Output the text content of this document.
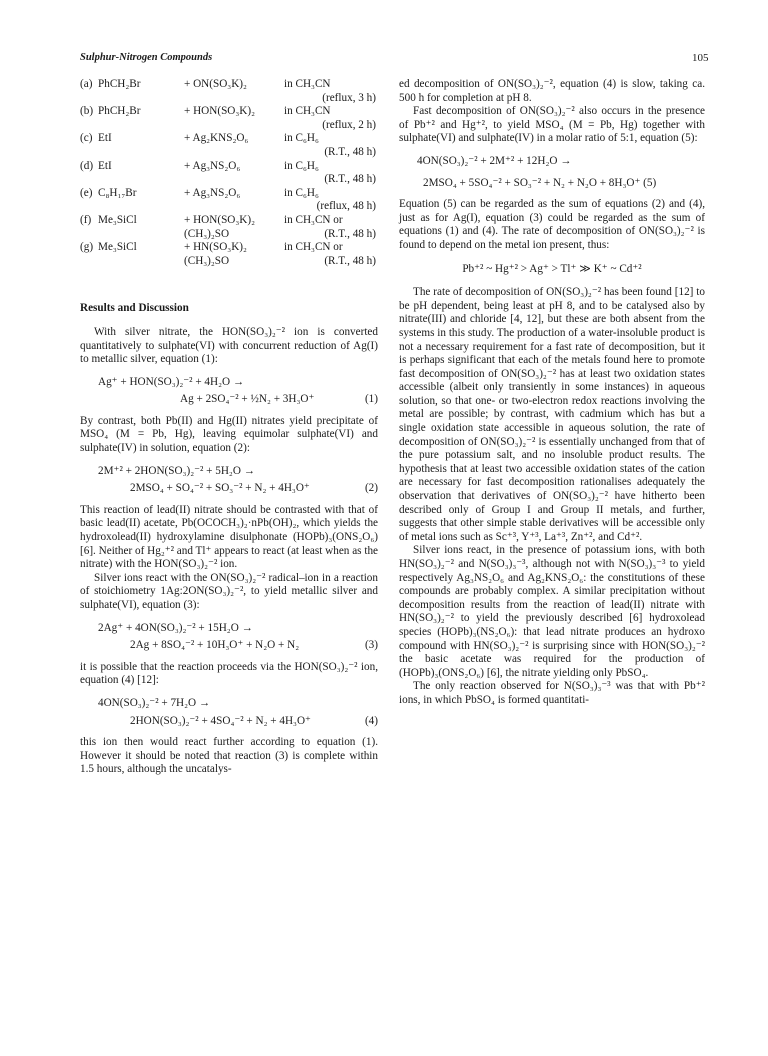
Sulphur-Nitrogen Compounds	105
(a) PhCH₂Br	+ ON(SO₃K)₂	in CH₃CN
(reflux, 3 h)
(b) PhCH₂Br	+ HON(SO₃K)₂	in CH₃CN
(reflux, 2 h)
(c) EtI	+ Ag₂KNS₂O₆	in C₆H₆
(R.T., 48 h)
(d) EtI	+ Ag₃NS₂O₆	in C₆H₆
(R.T., 48 h)
(e) C₈H₁₇Br	+ Ag₃NS₂O₆	in C₆H₆
(reflux, 48 h)
(f) Me₃SiCl	+ HON(SO₃K)₂	in CH₃CN or
(CH₃)₂SO	(R.T., 48 h)
(g) Me₃SiCl	+ HN(SO₃K)₂	in CH₃CN or
(CH₃)₂SO	(R.T., 48 h)
Results and Discussion

With silver nitrate, the HON(SO₃)₂⁻² ion is converted quantitatively to sulphate(VI) with concurrent reduction of Ag(I) to metallic silver, equation (1):

Ag⁺ + HON(SO₃)₂⁻² + 4H₂O →
Ag + 2SO₄⁻² + ½N₂ + 3H₃O⁺	(1)

By contrast, both Pb(II) and Hg(II) nitrates yield precipitate of MSO₄ (M = Pb, Hg), leaving equimolar sulphate(VI) and sulphate(IV) in solution, equation (2):

2M⁺² + 2HON(SO₃)₂⁻² + 5H₂O →
2MSO₄ + SO₄⁻² + SO₃⁻² + N₂ + 4H₃O⁺	(2)

This reaction of lead(II) nitrate should be contrasted with that of basic lead(II) acetate, Pb(OCOCH₃)₂·nPb(OH)₂, which yields the hydroxolead(II) hydroxylamine disulphonate (HOPb)₃(ONS₂O₆) [6]. Neither of Hg₂⁺² and Tl⁺ appears to react (at least when as the nitrate) with the HON(SO₃)₂⁻² ion.

Silver ions react with the ON(SO₃)₂⁻² radical–ion in a reaction of stoichiometry 1Ag:2ON(SO₃)₂⁻², to yield metallic silver and sulphate(VI), equation (3):

2Ag⁺ + 4ON(SO₃)₂⁻² + 15H₂O →
2Ag + 8SO₄⁻² + 10H₃O⁺ + N₂O + N₂	(3)

it is possible that the reaction proceeds via the HON(SO₃)₂⁻² ion, equation (4) [12]:

4ON(SO₃)₂⁻² + 7H₂O →
2HON(SO₃)₂⁻² + 4SO₄⁻² + N₂ + 4H₃O⁺	(4)

this ion then would react further according to equation (1). However it should be noted that reaction (3) is complete within 1.5 hours, although the uncatalys-

ed decomposition of ON(SO₃)₂⁻², equation (4) is slow, taking ca. 500 h for completion at pH 8.

Fast decomposition of ON(SO₃)₂⁻² also occurs in the presence of Pb⁺² and Hg⁺², to yield MSO₄ (M = Pb, Hg) together with sulphate(VI) and sulphate(IV) in a molar ratio of 5:1, equation (5):

4ON(SO₃)₂⁻² + 2M⁺² + 12H₂O →
2MSO₄ + 5SO₄⁻² + SO₃⁻² + N₂ + N₂O + 8H₃O⁺ (5)

Equation (5) can be regarded as the sum of equations (2) and (4), just as for Ag(I), equation (3) could be regarded as the sum of equations (1) and (4). The rate of decomposition of ON(SO₃)₂⁻² is found to depend on the metal ion present, thus:

Pb⁺² ~ Hg⁺² > Ag⁺ > Tl⁺ ≫ K⁺ ~ Cd⁺²

The rate of decomposition of ON(SO₃)₂⁻² has been found [12] to be pH dependent, being least at pH 8, and to be catalysed also by nitrate(III) and chloride [4, 12], but these are both absent from the systems in this study. The production of a water-insoluble product is not a necessary requirement for a fast rate of decomposition, but it is perhaps significant that each of the metals found here to promote fast decomposition of ON(SO₃)₂⁻² has at least two oxidation states accessible (albeit only transiently in some instances) in aqueous solution, so that one- or two-electron redox reactions involving the metal are possible; by contrast, with cadmium which has but a single oxidation state accessible in aqueous solution, the rate of decomposition of ON(SO₃)₂⁻² is essentially unchanged from that of the pure potassium salt, and no insoluble product results. The hypothesis that at least two accessible oxidation states of the cation are necessary for fast decomposition rationalises adequately the observation that derivatives of ON(SO₃)₂⁻² have hitherto been described only of Group I and Group II metals, and further, suggests that other simple stable derivatives will be accessible only of metal ions such as Sc⁺³, Y⁺³, La⁺³, Zn⁺², and Cd⁺².

Silver ions react, in the presence of potassium ions, with both HN(SO₃)₂⁻² and N(SO₃)₃⁻³, although not with N(SO₃)₃⁻³ to yield respectively Ag₃NS₂O₆ and Ag₂KNS₂O₆: the constitutions of these compounds are probably complex. A similar precipitation without decomposition results from the reaction of lead(II) nitrate with HN(SO₃)₂⁻² to yield the previously described [6] hydroxolead species (HOPb)₃(NS₂O₆): that lead nitrate produces an hydroxo compound with HN(SO₃)₂⁻² is surprising since with HON(SO₃)₂⁻² the basic acetate was required for the production of (HOPb)₃(ONS₂O₆) [6], the nitrate yielding only PbSO₄.

The only reaction observed for N(SO₃)₃⁻³ was that with Pb⁺² ions, in which PbSO₄ is formed quantitati-
